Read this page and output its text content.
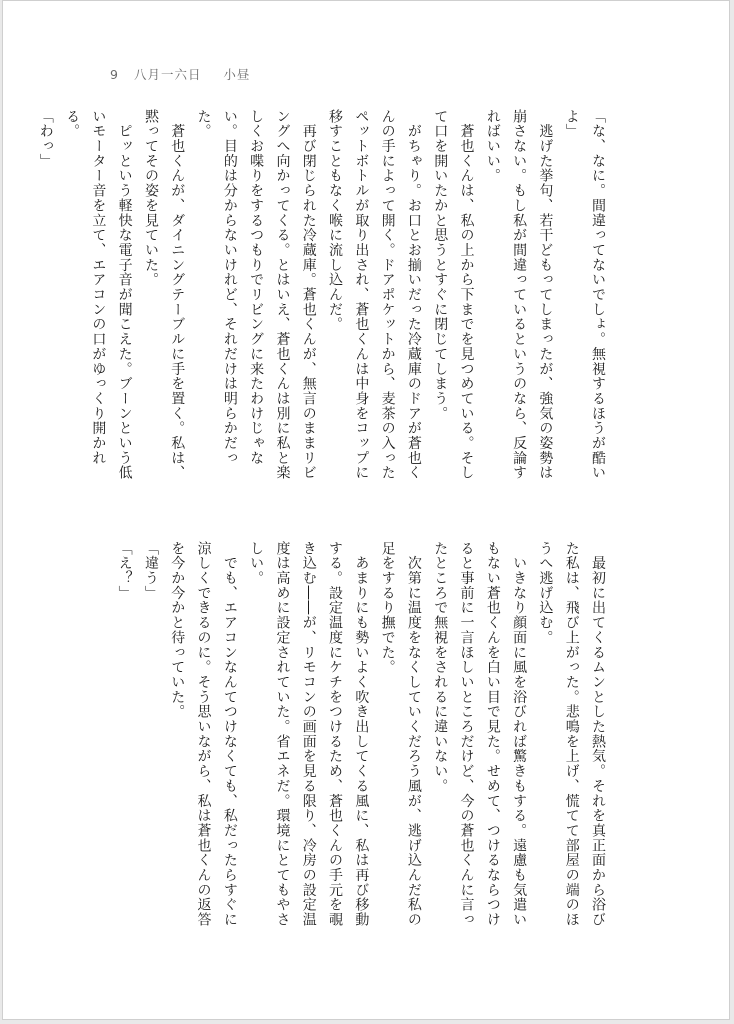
9 八月一六日 小昼

「な、なに。間違ってないでしょ。無視するほうが酷いよ」

　逃げた挙句、若干どもってしまったが、強気の姿勢は崩さない。もし私が間違っているというのなら、反論すればいい。

　蒼也くんは、私の上から下までを見つめている。そして口を開いたかと思うとすぐに閉じてしまう。

　がちゃり。お口とお揃いだった冷蔵庫のドアが蒼也くんの手によって開く。ドアポケットから、麦茶の入ったペットボトルが取り出され、蒼也くんは中身をコップに移すこともなく喉に流し込んだ。

　再び閉じられた冷蔵庫。蒼也くんが、無言のままリビングへ向かってくる。とはいえ、蒼也くんは別に私と楽しくお喋りをするつもりでリビングに来たわけじゃない。目的は分からないけれど、それだけは明らかだった。

　蒼也くんが、ダイニングテーブルに手を置く。私は、黙ってその姿を見ていた。

　ピッという軽快な電子音が聞こえた。ブーンという低いモーター音を立て、エアコンの口がゆっくり開かれる。

「わっ」

　最初に出てくるムンとした熱気。それを真正面から浴びた私は、飛び上がった。悲鳴を上げ、慌てて部屋の端のほうへ逃げ込む。

　いきなり顔面に風を浴びれば驚きもする。遠慮も気遣いもない蒼也くんを白い目で見た。せめて、つけるならつけると事前に一言ほしいところだけど、今の蒼也くんに言ったところで無視をされるに違いない。

　次第に温度をなくしていくだろう風が、逃げ込んだ私の足をするり撫でた。

　あまりにも勢いよく吹き出してくる風に、私は再び移動する。設定温度にケチをつけるため、蒼也くんの手元を覗き込む――が、リモコンの画面を見る限り、冷房の設定温度は高めに設定されていた。省エネだ。環境にとてもやさしい。

　でも、エアコンなんてつけなくても、私だったらすぐに涼しくできるのに。そう思いながら、私は蒼也くんの返答を今か今かと待っていた。

「違う」

「え？」
